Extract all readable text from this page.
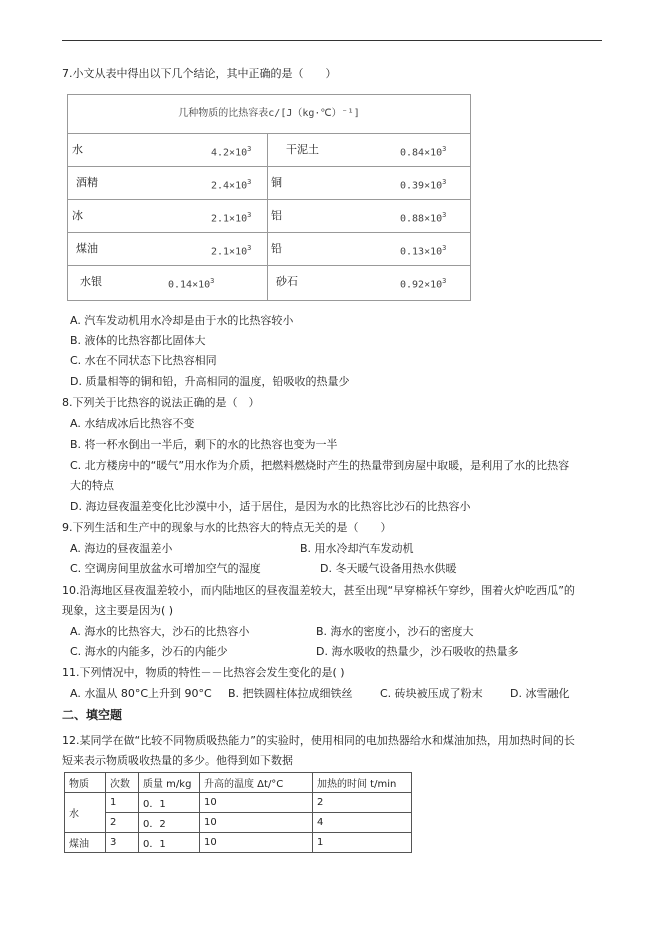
7.小文从表中得出以下几个结论，其中正确的是（　　）
几种物质的比热容表c/[J（kg·℃）⁻¹]
水	$4.2\times 10^3$	干泥土	$0.84\times 10^3$
酒精	$2.4\times 10^3$ 铜	$0.39\times 10^3$
冰	$2.1\times 10^3$ 铝	$0.88\times 10^3$
煤油	$2.1\times 10^3$ 铅	$0.13\times 10^3$
水银	$0.14\times 10^3$	砂石	$0.92\times 10^3$
A. 汽车发动机用水冷却是由于水的比热容较小
B. 液体的比热容都比固体大
C. 水在不同状态下比热容相同
D. 质量相等的铜和铅，升高相同的温度，铅吸收的热量少
8.下列关于比热容的说法正确的是（　）
A. 水结成冰后比热容不变
B. 将一杯水倒出一半后，剩下的水的比热容也变为一半
C. 北方楼房中的“暖气”用水作为介质，把燃料燃烧时产生的热量带到房屋中取暖，是利用了水的比热容
大的特点
D. 海边昼夜温差变化比沙漠中小，适于居住，是因为水的比热容比沙石的比热容小
9.下列生活和生产中的现象与水的比热容大的特点无关的是（　　）
A. 海边的昼夜温差小	B. 用水冷却汽车发动机
C. 空调房间里放盆水可增加空气的湿度	D. 冬天暖气设备用热水供暖
10.沿海地区昼夜温差较小，而内陆地区的昼夜温差较大，甚至出现“早穿棉袄午穿纱，围着火炉吃西瓜”的
现象，这主要是因为( )
A. 海水的比热容大，沙石的比热容小	B. 海水的密度小，沙石的密度大
C. 海水的内能多，沙石的内能少	D. 海水吸收的热量少，沙石吸收的热量多
11.下列情况中，物质的特性－－比热容会发生变化的是( )
A. 水温从 80°C上升到 90°C B. 把铁圆柱体拉成细铁丝 C. 砖块被压成了粉末 D. 冰雪融化
二、填空题
12.某同学在做“比较不同物质吸热能力”的实验时，使用相同的电加热器给水和煤油加热，用加热时间的长
短来表示物质吸收热量的多少。他得到如下数据
物质	次数	质量 m/kg	升高的温度 Δt/°C	加热的时间 t/min
水	1	0．1	10	2
	2	0．2	10	4
煤油	3	0．1	10	1
